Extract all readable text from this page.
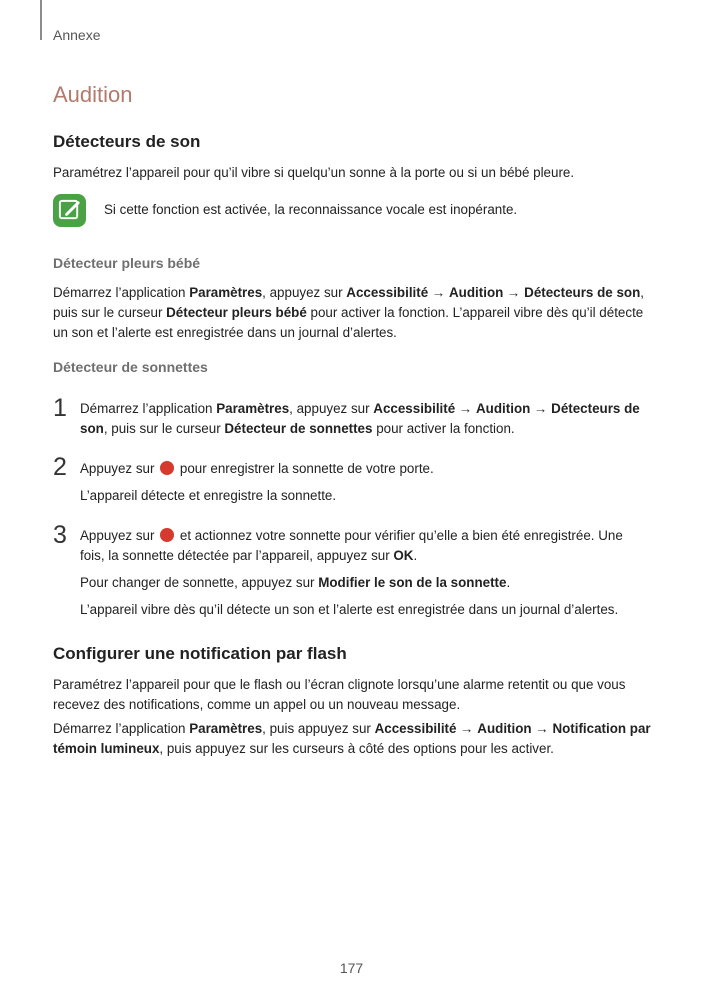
Annexe
Audition
Détecteurs de son
Paramétrez l’appareil pour qu’il vibre si quelqu’un sonne à la porte ou si un bébé pleure.
Si cette fonction est activée, la reconnaissance vocale est inopérante.
Détecteur pleurs bébé
Démarrez l’application Paramètres, appuyez sur Accessibilité → Audition → Détecteurs de son, puis sur le curseur Détecteur pleurs bébé pour activer la fonction. L’appareil vibre dès qu’il détecte un son et l’alerte est enregistrée dans un journal d’alertes.
Détecteur de sonnettes
1 Démarrez l’application Paramètres, appuyez sur Accessibilité → Audition → Détecteurs de son, puis sur le curseur Détecteur de sonnettes pour activer la fonction.
2 Appuyez sur  pour enregistrer la sonnette de votre porte.
L’appareil détecte et enregistre la sonnette.
3 Appuyez sur  et actionnez votre sonnette pour vérifier qu’elle a bien été enregistrée. Une fois, la sonnette détectée par l’appareil, appuyez sur OK.
Pour changer de sonnette, appuyez sur Modifier le son de la sonnette.
L’appareil vibre dès qu’il détecte un son et l’alerte est enregistrée dans un journal d’alertes.
Configurer une notification par flash
Paramétrez l’appareil pour que le flash ou l’écran clignote lorsqu’une alarme retentit ou que vous recevez des notifications, comme un appel ou un nouveau message.
Démarrez l’application Paramètres, puis appuyez sur Accessibilité → Audition → Notification par témoin lumineux, puis appuyez sur les curseurs à côté des options pour les activer.
177
